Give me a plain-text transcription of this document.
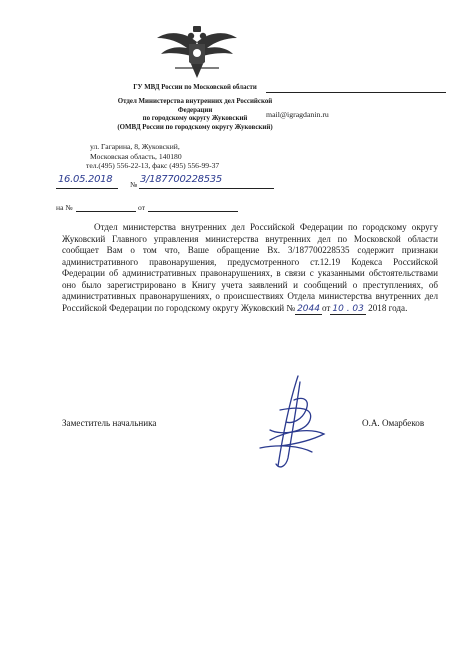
ГУ МВД России по Московской области
Отдел Министерства внутренних дел Российской
Федерации
по городскому округу Жуковский
(ОМВД России по городскому округу Жуковский)
ул. Гагарина, 8, Жуковский,
Московская область, 140180
тел.(495) 556-22-13, факс (495) 556-99-37
16.05.2018 № 3/187700228535
на №	от
mail@igragdanin.ru

Отдел министерства внутренних дел Российской Федерации по городскому округу Жуковский Главного управления министерства внутренних дел по Московской области сообщает Вам о том что, Ваше обращение Вх. 3/187700228535 содержит признаки административного правонарушения, предусмотренного ст.12.19 Кодекса Российской Федерации об административных правонарушениях, в связи с указанными обстоятельствами оно было зарегистрировано в Книгу учета заявлений и сообщений о преступлениях, об административных правонарушениях, о происшествиях Отдела министерства внутренних дел Российской Федерации по городскому округу Жуковский № 2044 от 10 . 03 2018 года.

Заместитель начальника	О.А. Омарбеков
